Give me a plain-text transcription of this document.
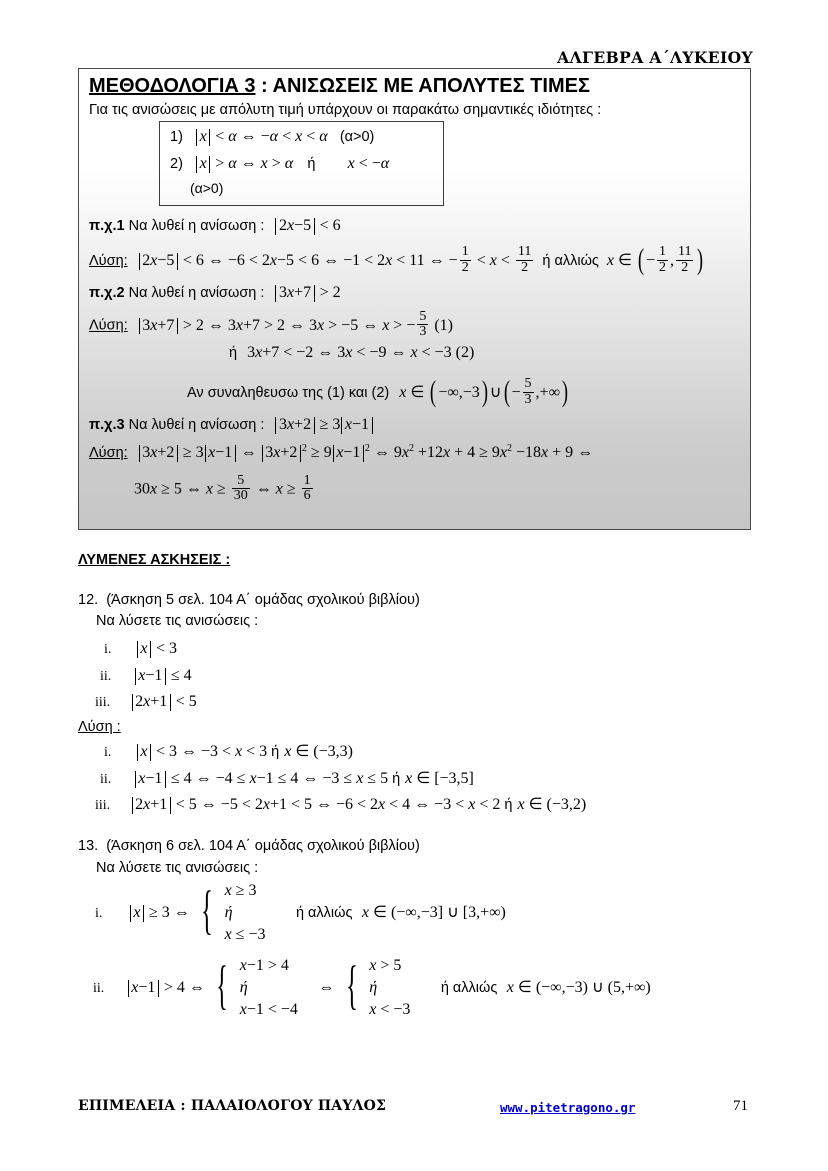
ΑΛΓΕΒΡΑ Α΄ΛΥΚΕΙΟΥ
ΜΕΘΟΔΟΛΟΓΙΑ 3 : ΑΝΙΣΩΣΕΙΣ ΜΕ ΑΠΟΛΥΤΕΣ ΤΙΜΕΣ
Για τις ανισώσεις με απόλυτη τιμή υπάρχουν οι παρακάτω σημαντικές ιδιότητες :
1) x < α ⇔ −α < x < α (α>0)
2) x > α ⇔ x > α ή x < −α
(α>0)
π.χ.1 Να λυθεί η ανίσωση : 2x−5 < 6
Λύση: 2x−5 < 6 ⇔ −6 < 2x−5 < 6 ⇔ −1 < 2x < 11 ⇔ − $\frac{1}{2} < x < \frac{11}{2}$ ή αλλιώς x ∈ ( − $\frac{1}{2}$ , $\frac{11}{2}$ )
π.χ.2 Να λυθεί η ανίσωση : 3x+7 > 2
Λύση: 3x+7 > 2 ⇔ 3x+7 > 2 ⇔ 3x > −5 ⇔ x > − $\frac{5}{3} (1)$
ή 3x+7 < −2 ⇔ 3x < −9 ⇔ x < −3 (2)
Αν συναληθευσω της (1) και (2) x ∈ ( −∞,−3) ∪( − $\frac{5}{3}$ ,+∞)
π.χ.3 Να λυθεί η ανίσωση : 3x+2 ≥ 3 x−1
Λύση: 3x+2 ≥ 3 x−1 ⇔ 3x+2 $^2$ ≥ 9 x−1 $^2$ ⇔ $9x^2 +12x + 4 \ge 9x^2 -18x + 9$ ⇔
30x ≥ 5 ⇔ $x \ge \frac{5}{30}$ ⇔ $x \ge \frac{1}{6}$
ΛΥΜΕΝΕΣ ΑΣΚΗΣΕΙΣ :
12. (Άσκηση 5 σελ. 104 Α΄ ομάδας σχολικού βιβλίου)
Να λύσετε τις ανισώσεις :
i. x < 3
ii. x−1 ≤ 4
iii. 2x+1 < 5
Λύση :
i. x < 3 ⇔ −3 < x < 3 ή x ∈ (−3,3)
ii. x−1 ≤ 4 ⇔ −4 ≤ x−1 ≤ 4 ⇔ −3 ≤ x ≤ 5 ή x ∈ [−3,5]
iii. 2x+1 < 5 ⇔ −5 < 2x+1 < 5 ⇔ −6 < 2x < 4 ⇔ −3 < x < 2 ή x ∈ (−3,2)
13. (Άσκηση 6 σελ. 104 Α΄ ομάδας σχολικού βιβλίου)
Να λύσετε τις ανισώσεις :
i. x ≥ 3 ⇔ { x ≥ 3
ή
x ≤ −3
ή αλλιώς x ∈ (−∞,−3] ∪ [3,+∞)
ii. x−1 > 4 ⇔ { x−1 > 4
ή
x−1 < −4
⇔ { x > 5
ή
x < −3
ή αλλιώς x ∈ (−∞,−3) ∪ (5,+∞)
ΕΠΙΜΕΛΕΙΑ : ΠΑΛΑΙΟΛΟΓΟΥ ΠΑΥΛΟΣ	www.pitetragono.gr	71
